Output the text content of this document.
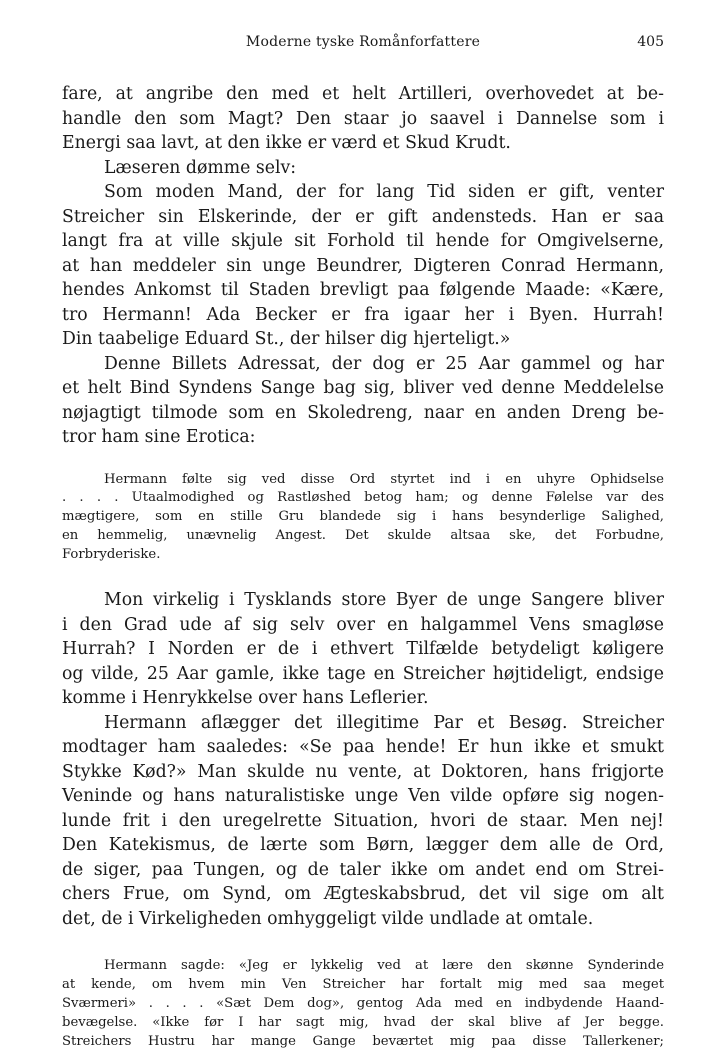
Moderne tyske Romånforfattere	405

fare, at angribe den med et helt Artilleri, overhovedet at be-
handle den som Magt? Den staar jo saavel i Dannelse som i
Energi saa lavt, at den ikke er værd et Skud Krudt.

Læseren dømme selv:

Som moden Mand, der for lang Tid siden er gift, venter
Streicher sin Elskerinde, der er gift andensteds. Han er saa
langt fra at ville skjule sit Forhold til hende for Omgivelserne,
at han meddeler sin unge Beundrer, Digteren Conrad Hermann,
hendes Ankomst til Staden brevligt paa følgende Maade: «Kære,
tro Hermann! Ada Becker er fra igaar her i Byen. Hurrah!
Din taabelige Eduard St., der hilser dig hjerteligt.»

Denne Billets Adressat, der dog er 25 Aar gammel og har
et helt Bind Syndens Sange bag sig, bliver ved denne Meddelelse
nøjagtigt tilmode som en Skoledreng, naar en anden Dreng be-
tror ham sine Erotica:

Hermann følte sig ved disse Ord styrtet ind i en uhyre Ophidselse
. . . . Utaalmodighed og Rastløshed betog ham; og denne Følelse var des
mægtigere, som en stille Gru blandede sig i hans besynderlige Salighed,
en hemmelig, unævnelig Angest. Det skulde altsaa ske, det Forbudne,
Forbryderiske.

Mon virkelig i Tysklands store Byer de unge Sangere bliver
i den Grad ude af sig selv over en halgammel Vens smagløse
Hurrah? I Norden er de i ethvert Tilfælde betydeligt køligere
og vilde, 25 Aar gamle, ikke tage en Streicher højtideligt, endsige
komme i Henrykkelse over hans Leflerier.

Hermann aflægger det illegitime Par et Besøg. Streicher
modtager ham saaledes: «Se paa hende! Er hun ikke et smukt
Stykke Kød?» Man skulde nu vente, at Doktoren, hans frigjorte
Veninde og hans naturalistiske unge Ven vilde opføre sig nogen-
lunde frit i den uregelrette Situation, hvori de staar. Men nej!
Den Katekismus, de lærte som Børn, lægger dem alle de Ord,
de siger, paa Tungen, og de taler ikke om andet end om Strei-
chers Frue, om Synd, om Ægteskabsbrud, det vil sige om alt
det, de i Virkeligheden omhyggeligt vilde undlade at omtale.

Hermann sagde: «Jeg er lykkelig ved at lære den skønne Synderinde
at kende, om hvem min Ven Streicher har fortalt mig med saa meget
Sværmeri» . . . . «Sæt Dem dog», gentog Ada med en indbydende Haand-
bevægelse. «Ikke før I har sagt mig, hvad der skal blive af Jer begge.
Streichers Hustru har mange Gange beværtet mig paa disse Tallerkener;
